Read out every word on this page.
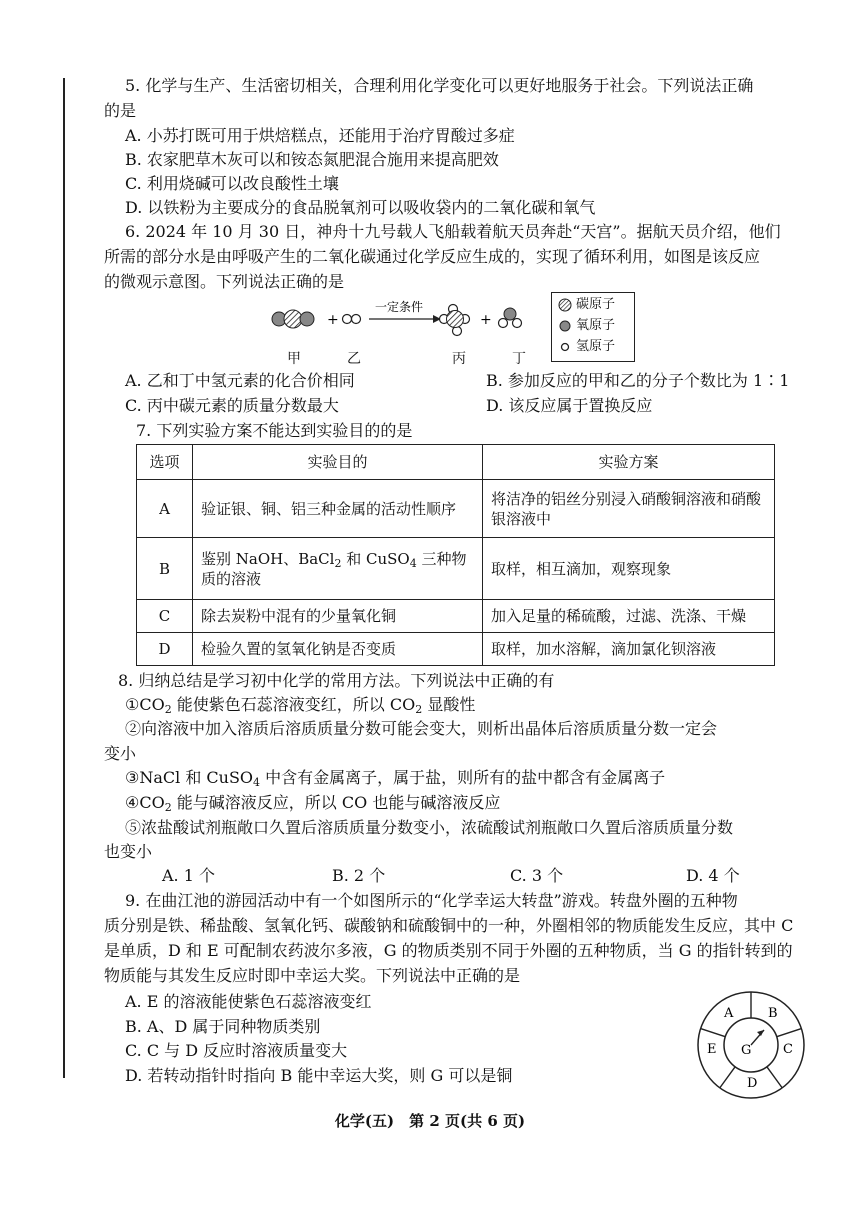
5. 化学与生产、生活密切相关，合理利用化学变化可以更好地服务于社会。下列说法正确
的是
A. 小苏打既可用于烘焙糕点，还能用于治疗胃酸过多症
B. 农家肥草木灰可以和铵态氮肥混合施用来提高肥效
C. 利用烧碱可以改良酸性土壤
D. 以铁粉为主要成分的食品脱氧剂可以吸收袋内的二氧化碳和氧气
6. 2024 年 10 月 30 日，神舟十九号载人飞船载着航天员奔赴“天宫”。据航天员介绍，他们
所需的部分水是由呼吸产生的二氧化碳通过化学反应生成的，实现了循环利用，如图是该反应
的微观示意图。下列说法正确的是
+
一定条件
+
甲	乙	丙	丁
碳原子
氧原子
氢原子
A. 乙和丁中氢元素的化合价相同	B. 参加反应的甲和乙的分子个数比为 1∶1
C. 丙中碳元素的质量分数最大	D. 该反应属于置换反应
7. 下列实验方案不能达到实验目的的是
选项	实验目的	实验方案
A	验证银、铜、铝三种金属的活动性顺序	将洁净的铝丝分别浸入硝酸铜溶液和硝酸银溶液中
B	鉴别 NaOH、BaCl$_2$ 和 CuSO$_4$ 三种物质的溶液	取样，相互滴加，观察现象
C	除去炭粉中混有的少量氧化铜	加入足量的稀硫酸，过滤、洗涤、干燥
D	检验久置的氢氧化钠是否变质	取样，加水溶解，滴加氯化钡溶液
8. 归纳总结是学习初中化学的常用方法。下列说法中正确的有
$①CO_2$ 能使紫色石蕊溶液变红，所以 $CO_2$ 显酸性
②向溶液中加入溶质后溶质质量分数可能会变大，则析出晶体后溶质质量分数一定会
变小
③NaCl 和 CuSO$_4$ 中含有金属离子，属于盐，则所有的盐中都含有金属离子
$④CO_2$ 能与碱溶液反应，所以 CO 也能与碱溶液反应
⑤浓盐酸试剂瓶敞口久置后溶质质量分数变小，浓硫酸试剂瓶敞口久置后溶质质量分数
也变小
A. 1 个	B. 2 个	C. 3 个	D. 4 个
9. 在曲江池的游园活动中有一个如图所示的“化学幸运大转盘”游戏。转盘外圈的五种物
质分别是铁、稀盐酸、氢氧化钙、碳酸钠和硫酸铜中的一种，外圈相邻的物质能发生反应，其中 C
是单质，D 和 E 可配制农药波尔多液，G 的物质类别不同于外圈的五种物质，当 G 的指针转到的
物质能与其发生反应时即中幸运大奖。下列说法中正确的是
A. E 的溶液能使紫色石蕊溶液变红
B. A、D 属于同种物质类别
C. C 与 D 反应时溶液质量变大
D. 若转动指针时指向 B 能中幸运大奖，则 G 可以是铜
A	B
C
D
E G
化学(五)　第 2 页(共 6 页)
